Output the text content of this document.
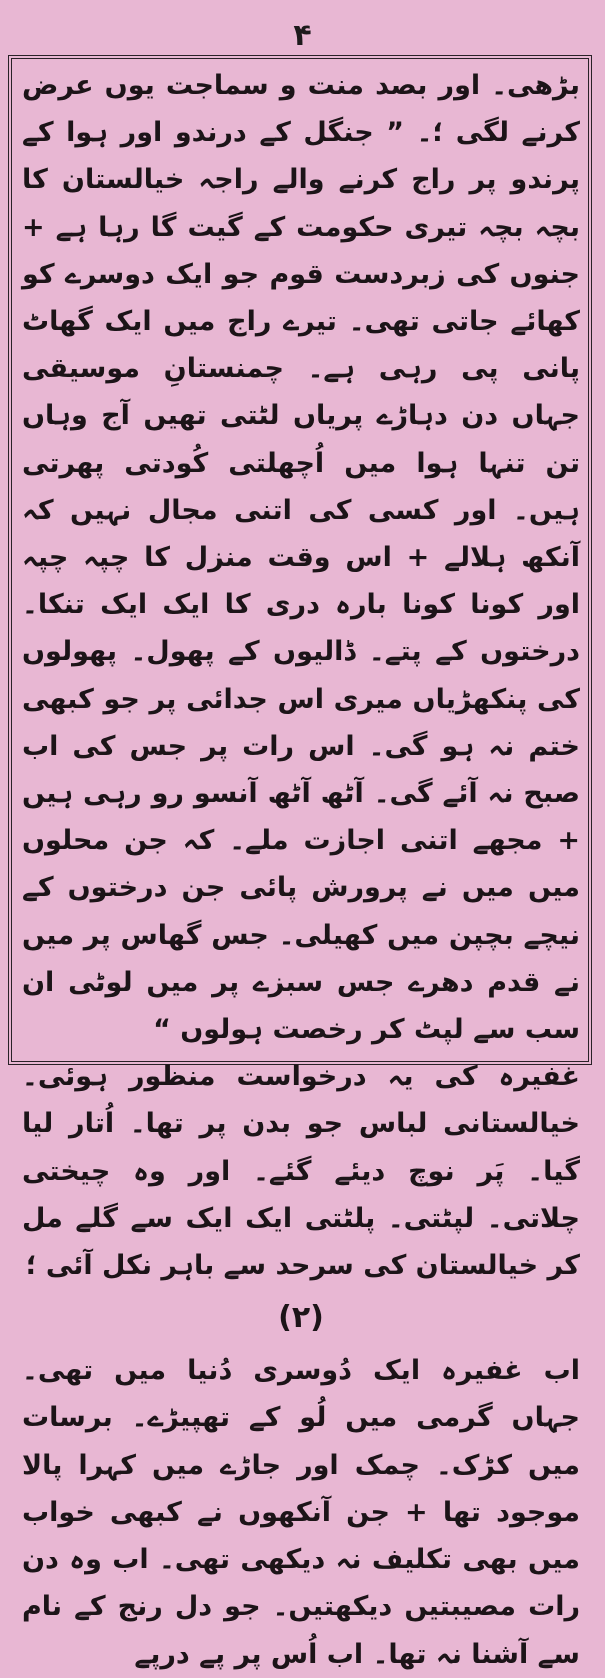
۴

بڑھی۔ اور بصد منت و سماجت یوں عرض کرنے لگی ؛۔ ” جنگل کے درندو اور ہوا کے پرندو پر راج کرنے والے راجہ خیالستان کا بچہ بچہ تیری حکومت کے گیت گا رہا ہے + جنوں کی زبردست قوم جو ایک دوسرے کو کھائے جاتی تھی۔ تیرے راج میں ایک گھاٹ پانی پی رہی ہے۔ چمنستانِ موسیقی جہاں دن دہاڑے پریاں لٹتی تھیں آج وہاں تن تنہا ہوا میں اُچھلتی کُودتی پھرتی ہیں۔ اور کسی کی اتنی مجال نہیں کہ آنکھ ہلالے + اس وقت منزل کا چپہ چپہ اور کونا کونا بارہ دری کا ایک ایک تنکا۔ درختوں کے پتے۔ ڈالیوں کے پھول۔ پھولوں کی پنکھڑیاں میری اس جدائی پر جو کبھی ختم نہ ہو گی۔ اس رات پر جس کی اب صبح نہ آئے گی۔ آٹھ آٹھ آنسو رو رہی ہیں + مجھے اتنی اجازت ملے۔ کہ جن محلوں میں میں نے پرورش پائی جن درختوں کے نیچے بچپن میں کھیلی۔ جس گھاس پر میں نے قدم دھرے جس سبزے پر میں لوٹی ان سب سے لپٹ کر رخصت ہولوں “

غفیرہ کی یہ درخواست منظور ہوئی۔ خیالستانی لباس جو بدن پر تھا۔ اُتار لیا گیا۔ پَر نوچ دیئے گئے۔ اور وہ چیختی چلاتی۔ لپٹتی۔ پلٹتی ایک ایک سے گلے مل کر خیالستان کی سرحد سے باہر نکل آئی ؛

(۲)

اب غفیرہ ایک دُوسری دُنیا میں تھی۔ جہاں گرمی میں لُو کے تھپیڑے۔ برسات میں کڑک۔ چمک اور جاڑے میں کہرا پالا موجود تھا + جن آنکھوں نے کبھی خواب میں بھی تکلیف نہ دیکھی تھی۔ اب وہ دن رات مصیبتیں دیکھتیں۔ جو دل رنج کے نام سے آشنا نہ تھا۔ اب اُس پر پے درپے
